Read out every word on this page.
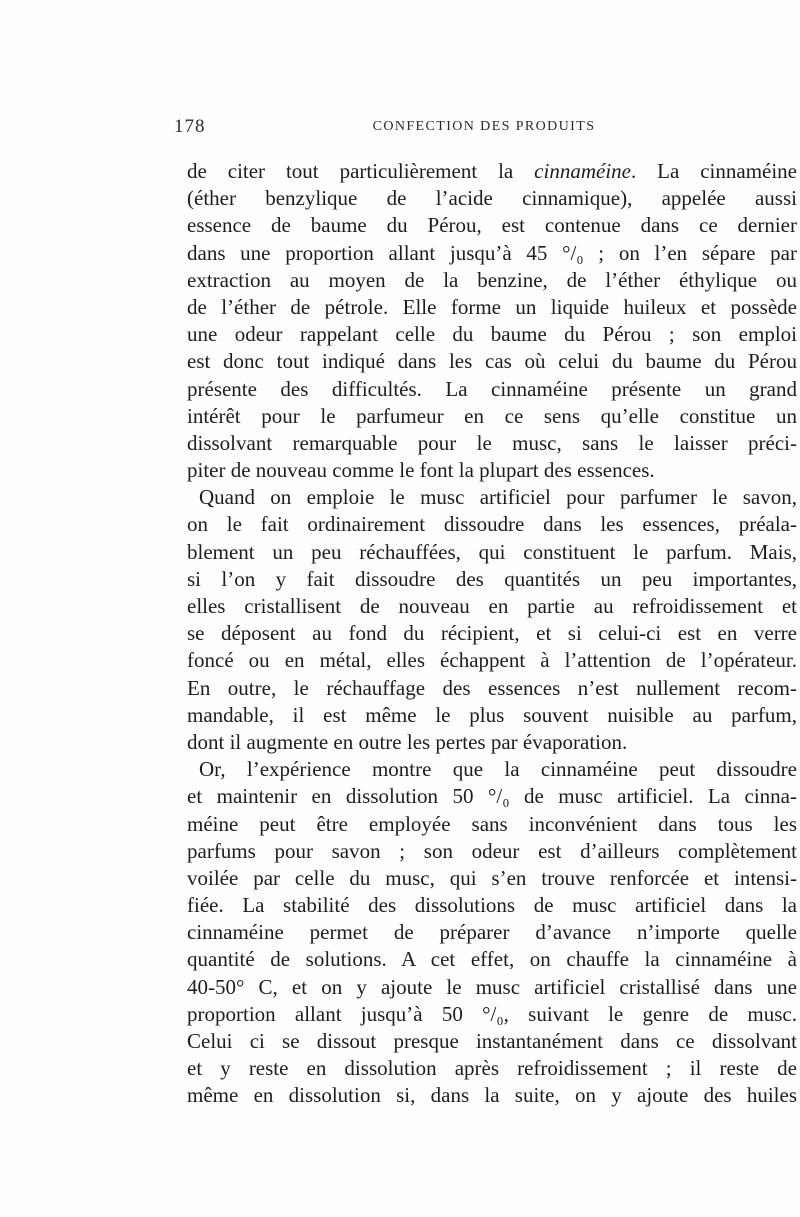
178	CONFECTION DES PRODUITS
de citer tout particulièrement la cinnaméine. La cinnaméine
(éther benzylique de l’acide cinnamique), appelée aussi
essence de baume du Pérou, est contenue dans ce dernier
dans une proportion allant jusqu’à 45 °/₀ ; on l’en sépare par
extraction au moyen de la benzine, de l’éther éthylique ou
de l’éther de pétrole. Elle forme un liquide huileux et possède
une odeur rappelant celle du baume du Pérou ; son emploi
est donc tout indiqué dans les cas où celui du baume du Pérou
présente des difficultés. La cinnaméine présente un grand
intérêt pour le parfumeur en ce sens qu’elle constitue un
dissolvant remarquable pour le musc, sans le laisser préci-
piter de nouveau comme le font la plupart des essences.
Quand on emploie le musc artificiel pour parfumer le savon,
on le fait ordinairement dissoudre dans les essences, préala-
blement un peu réchauffées, qui constituent le parfum. Mais,
si l’on y fait dissoudre des quantités un peu importantes,
elles cristallisent de nouveau en partie au refroidissement et
se déposent au fond du récipient, et si celui-ci est en verre
foncé ou en métal, elles échappent à l’attention de l’opérateur.
En outre, le réchauffage des essences n’est nullement recom-
mandable, il est même le plus souvent nuisible au parfum,
dont il augmente en outre les pertes par évaporation.
Or, l’expérience montre que la cinnaméine peut dissoudre
et maintenir en dissolution 50 °/₀ de musc artificiel. La cinna-
méine peut être employée sans inconvénient dans tous les
parfums pour savon ; son odeur est d’ailleurs complètement
voilée par celle du musc, qui s’en trouve renforcée et intensi-
fiée. La stabilité des dissolutions de musc artificiel dans la
cinnaméine permet de préparer d’avance n’importe quelle
quantité de solutions. A cet effet, on chauffe la cinnaméine à
40-50° C, et on y ajoute le musc artificiel cristallisé dans une
proportion allant jusqu’à 50 °/₀, suivant le genre de musc.
Celui ci se dissout presque instantanément dans ce dissolvant
et y reste en dissolution après refroidissement ; il reste de
même en dissolution si, dans la suite, on y ajoute des huiles
